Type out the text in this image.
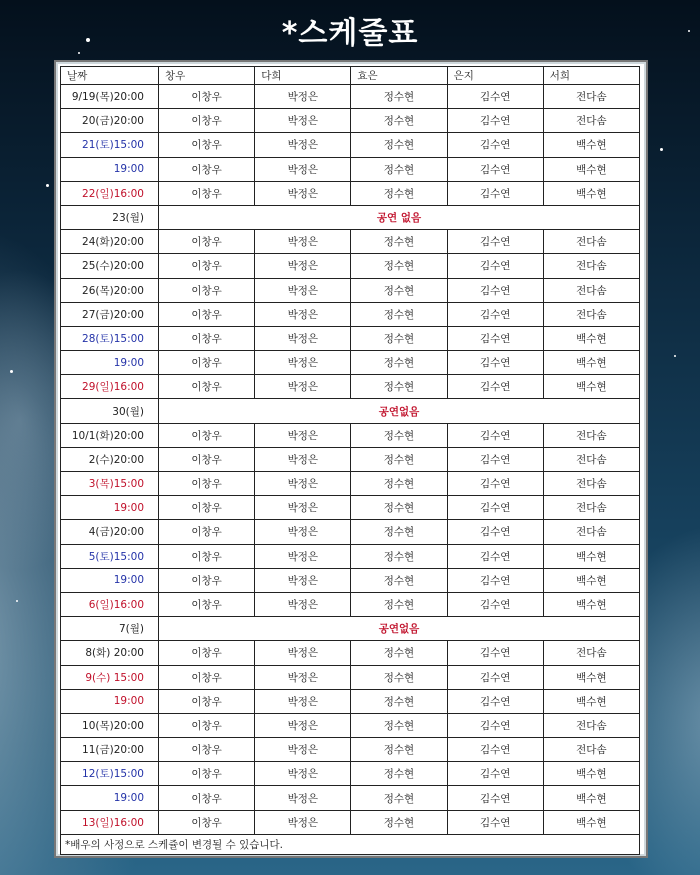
*스케줄표
날짜	창우	다희	효은	은지	서희
9/19(목)20:00	이창우	박정은	정수현	김수연	전다솜
20(금)20:00	이창우	박정은	정수현	김수연	전다솜
21(토)15:00	이창우	박정은	정수현	김수연	백수현
19:00	이창우	박정은	정수현	김수연	백수현
22(일)16:00	이창우	박정은	정수현	김수연	백수현
23(월)	공연 없음				
24(화)20:00	이창우	박정은	정수현	김수연	전다솜
25(수)20:00	이창우	박정은	정수현	김수연	전다솜
26(목)20:00	이창우	박정은	정수현	김수연	전다솜
27(금)20:00	이창우	박정은	정수현	김수연	전다솜
28(토)15:00	이창우	박정은	정수현	김수연	백수현
19:00	이창우	박정은	정수현	김수연	백수현
29(일)16:00	이창우	박정은	정수현	김수연	백수현
30(월)	공연없음				
10/1(화)20:00	이창우	박정은	정수현	김수연	전다솜
2(수)20:00	이창우	박정은	정수현	김수연	전다솜
3(목)15:00	이창우	박정은	정수현	김수연	전다솜
19:00	이창우	박정은	정수현	김수연	전다솜
4(금)20:00	이창우	박정은	정수현	김수연	전다솜
5(토)15:00	이창우	박정은	정수현	김수연	백수현
19:00	이창우	박정은	정수현	김수연	백수현
6(일)16:00	이창우	박정은	정수현	김수연	백수현
7(월)	공연없음				
8(화) 20:00	이창우	박정은	정수현	김수연	전다솜
9(수) 15:00	이창우	박정은	정수현	김수연	백수현
19:00	이창우	박정은	정수현	김수연	백수현
10(목)20:00	이창우	박정은	정수현	김수연	전다솜
11(금)20:00	이창우	박정은	정수현	김수연	전다솜
12(토)15:00	이창우	박정은	정수현	김수연	백수현
19:00	이창우	박정은	정수현	김수연	백수현
13(일)16:00	이창우	박정은	정수현	김수연	백수현
*배우의 사정으로 스케쥴이 변경될 수 있습니다.					
